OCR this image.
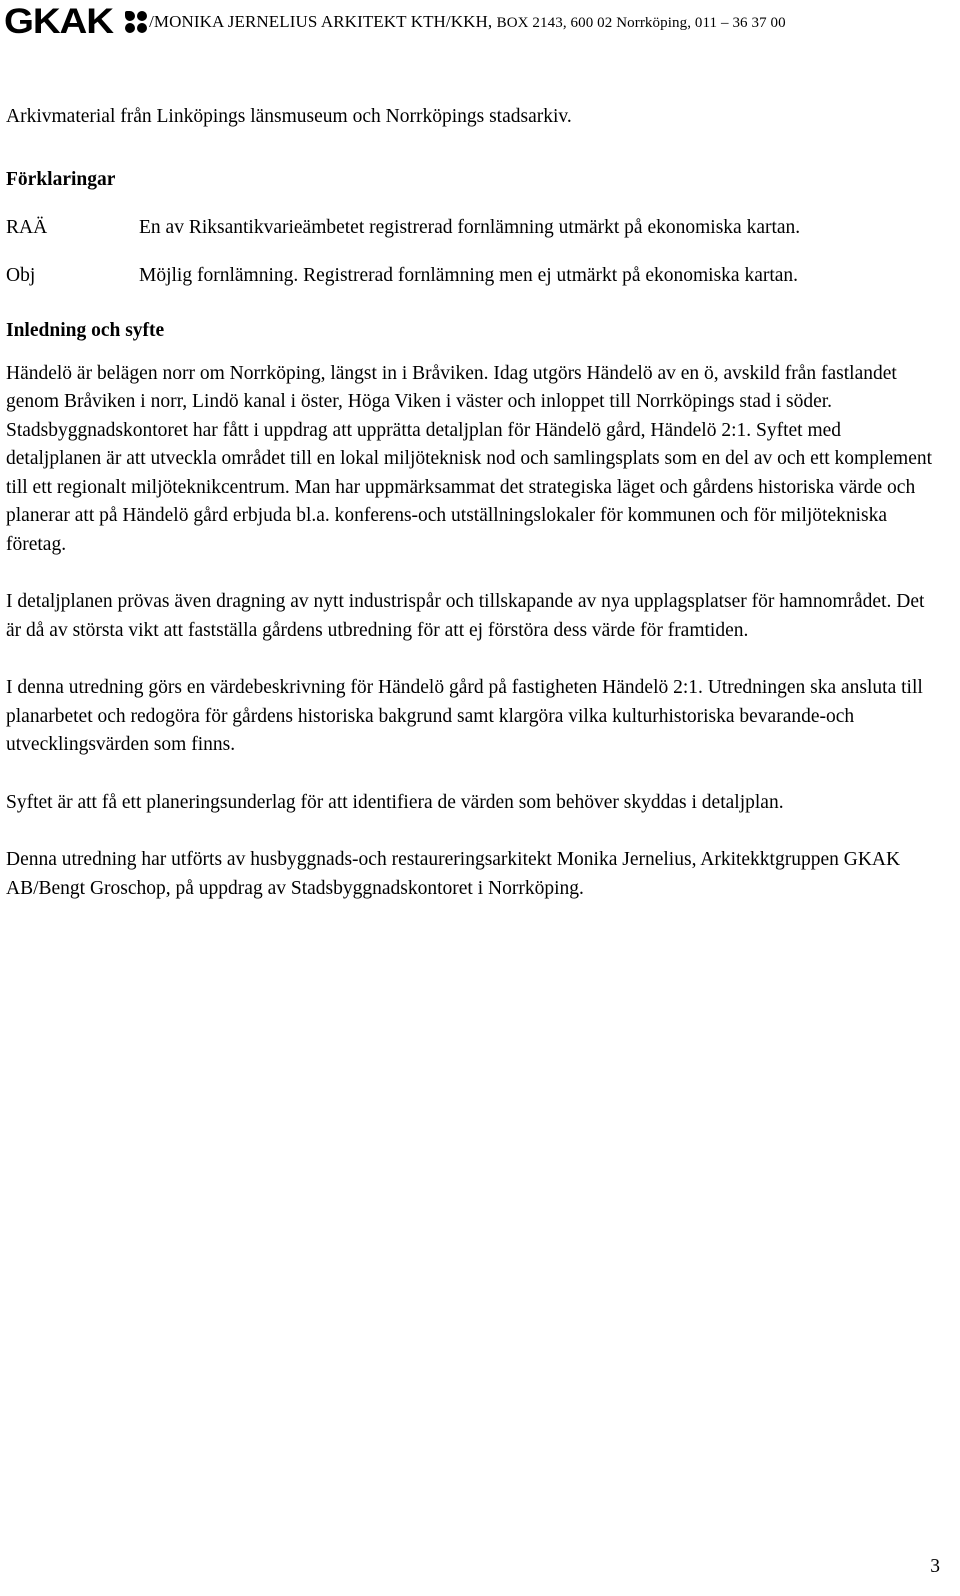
GKAK /MONIKA JERNELIUS ARKITEKT KTH/KKH, BOX 2143, 600 02 Norrköping, 011 – 36 37 00

Arkivmaterial från Linköpings länsmuseum och Norrköpings stadsarkiv.

Förklaringar
RAÄ	En av Riksantikvarieämbetet registrerad fornlämning utmärkt på ekonomiska kartan.
Obj	Möjlig fornlämning. Registrerad fornlämning men ej utmärkt på ekonomiska kartan.
Inledning och syfte

Händelö är belägen norr om Norrköping, längst in i Bråviken. Idag utgörs Händelö av en ö, avskild från fastlandet genom Bråviken i norr, Lindö kanal i öster, Höga Viken i väster och inloppet till Norrköpings stad i söder. Stadsbyggnadskontoret har fått i uppdrag att upprätta detaljplan för Händelö gård, Händelö 2:1. Syftet med detaljplanen är att utveckla området till en lokal miljöteknisk nod och samlingsplats som en del av och ett komplement till ett regionalt miljöteknikcentrum. Man har uppmärksammat det strategiska läget och gårdens historiska värde och planerar att på Händelö gård erbjuda bl.a. konferens-och utställningslokaler för kommunen och för miljötekniska företag.

I detaljplanen prövas även dragning av nytt industrispår och tillskapande av nya upplagsplatser för hamnområdet. Det är då av största vikt att fastställa gårdens utbredning för att ej förstöra dess värde för framtiden.

I denna utredning görs en värdebeskrivning för Händelö gård på fastigheten Händelö 2:1. Utredningen ska ansluta till planarbetet och redogöra för gårdens historiska bakgrund samt klargöra vilka kulturhistoriska bevarande-och utvecklingsvärden som finns.

Syftet är att få ett planeringsunderlag för att identifiera de värden som behöver skyddas i detaljplan.

Denna utredning har utförts av husbyggnads-och restaureringsarkitekt Monika Jernelius, Arkitekktgruppen GKAK AB/Bengt Groschop, på uppdrag av Stadsbyggnadskontoret i Norrköping.

3
